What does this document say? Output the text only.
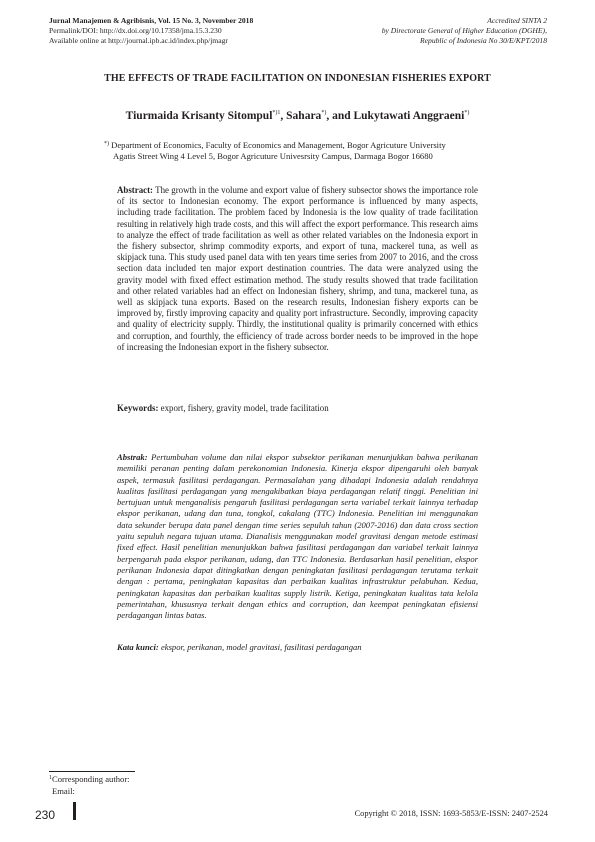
Jurnal Manajemen & Agribisnis, Vol. 15 No. 3, November 2018
Permalink/DOI: http://dx.doi.org/10.17358/jma.15.3.230
Available online at http://journal.ipb.ac.id/index.php/jmagr
Accredited SINTA 2
by Directorate General of Higher Education (DGHE),
Republic of Indonesia No 30/E/KPT/2018
THE EFFECTS OF TRADE FACILITATION ON INDONESIAN FISHERIES EXPORT
Tiurmaida Krisanty Sitompul$^{*)1}$, Sahara*), and Lukytawati Anggraeni*)
*) Department of Economics, Faculty of Economics and Management, Bogor Agricuture University
Agatis Street Wing 4 Level 5, Bogor Agricuture Univesrsity Campus, Darmaga Bogor 16680
Abstract: The growth in the volume and export value of fishery subsector shows the importance role of its sector to Indonesian economy. The export performance is influenced by many aspects, including trade facilitation. The problem faced by Indonesia is the low quality of trade facilitation resulting in relatively high trade costs, and this will affect the export performance. This research aims to analyze the effect of trade facilitation as well as other related variables on the Indonesia export in the fishery subsector, shrimp commodity exports, and export of tuna, mackerel tuna, as well as skipjack tuna. This study used panel data with ten years time series from 2007 to 2016, and the cross section data included ten major export destination countries. The data were analyzed using the gravity model with fixed effect estimation method. The study results showed that trade facilitation and other related variables had an effect on Indonesian fishery, shrimp, and tuna, mackerel tuna, as well as skipjack tuna exports. Based on the research results, Indonesian fishery exports can be improved by, firstly improving capacity and quality port infrastructure. Secondly, improving capacity and quality of electricity supply. Thirdly, the institutional quality is primarily concerned with ethics and corruption, and fourthly, the efficiency of trade across border needs to be improved in the hope of increasing the Indonesian export in the fishery subsector.
Keywords: export, fishery, gravity model, trade facilitation
Abstrak: Pertumbuhan volume dan nilai ekspor subsektor perikanan menunjukkan bahwa perikanan memiliki peranan penting dalam perekonomian Indonesia. Kinerja ekspor dipengaruhi oleh banyak aspek, termasuk fasilitasi perdagangan. Permasalahan yang dihadapi Indonesia adalah rendahnya kualitas fasilitasi perdagangan yang mengakibatkan biaya perdagangan relatif tinggi. Penelitian ini bertujuan untuk menganalisis pengaruh fasilitasi perdagangan serta variabel terkait lainnya terhadap ekspor perikanan, udang dan tuna, tongkol, cakalang (TTC) Indonesia. Penelitian ini menggunakan data sekunder berupa data panel dengan time series sepuluh tahun (2007-2016) dan data cross section yaitu sepuluh negara tujuan utama. Dianalisis menggunakan model gravitasi dengan metode estimasi fixed effect. Hasil penelitian menunjukkan bahwa fasilitasi perdagangan dan variabel terkait lainnya berpengaruh pada ekspor perikanan, udang, dan TTC Indonesia. Berdasarkan hasil penelitian, ekspor perikanan Indonesia dapat ditingkatkan dengan peningkatan fasilitasi perdagangan terutama terkait dengan : pertama, peningkatan kapasitas dan perbaikan kualitas infrastruktur pelabuhan. Kedua, peningkatan kapasitas dan perbaikan kualitas supply listrik. Ketiga, peningkatan kualitas tata kelola pemerintahan, khususnya terkait dengan ethics and corruption, dan keempat peningkatan efisiensi perdagangan lintas batas.
Kata kunci: ekspor, perikanan, model gravitasi, fasilitasi perdagangan
$^1$Corresponding author:
Email:
230	Copyright © 2018, ISSN: 1693-5853/E-ISSN: 2407-2524
